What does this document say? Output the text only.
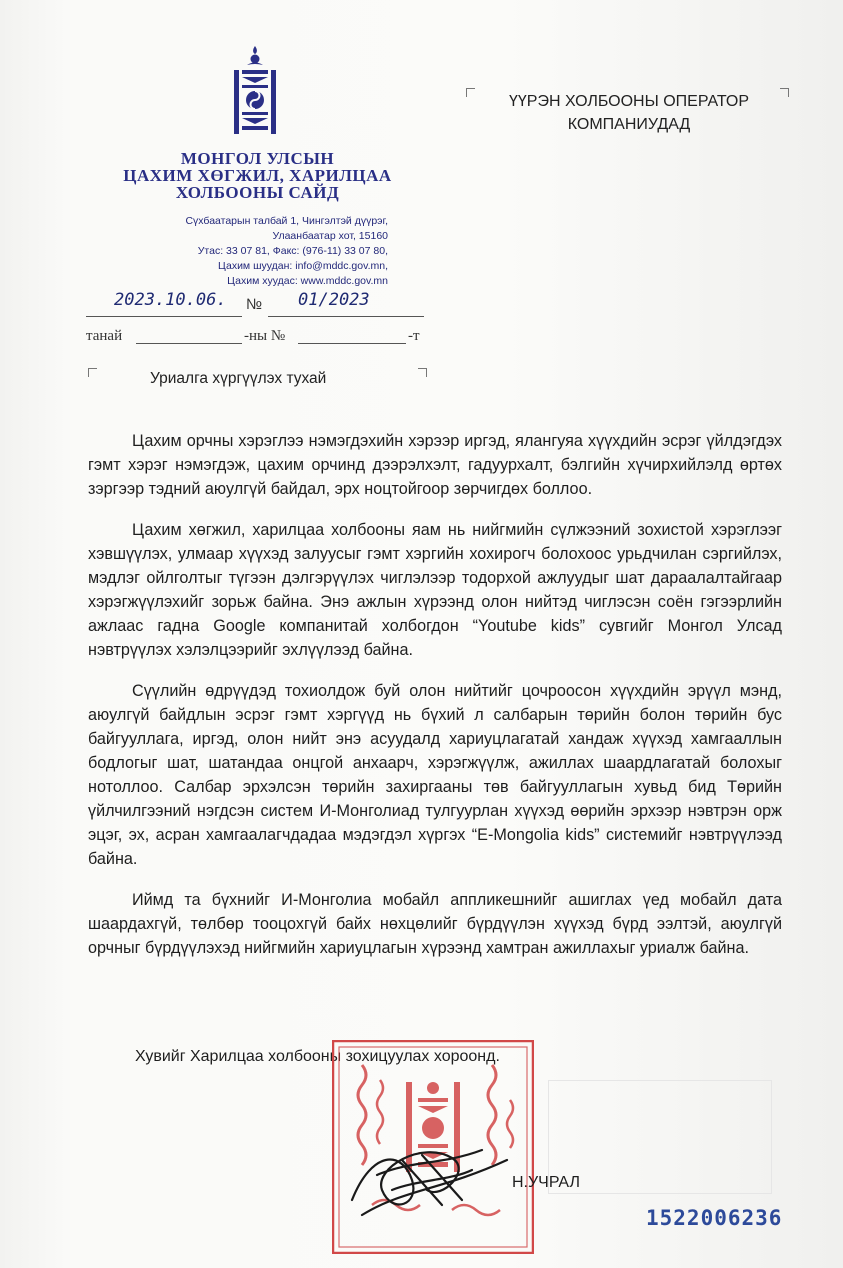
МОНГОЛ УЛСЫН
ЦАХИМ ХӨГЖИЛ, ХАРИЛЦАА
ХОЛБООНЫ САЙД
Сүхбаатарын талбай 1, Чингэлтэй дүүрэг,
Улаанбаатар хот, 15160
Утас: 33 07 81, Факс: (976-11) 33 07 80,
Цахим шуудан: info@mddc.gov.mn,
Цахим хуудас: www.mddc.gov.mn
2023.10.06. № 01/2023
танай	-ны №	-т
ҮҮРЭН ХОЛБООНЫ ОПЕРАТОР
КОМПАНИУДАД
Уриалга хүргүүлэх тухай

Цахим орчны хэрэглээ нэмэгдэхийн хэрээр иргэд, ялангуяа хүүхдийн эсрэг үйлдэгдэх гэмт хэрэг нэмэгдэж, цахим орчинд дээрэлхэлт, гадуурхалт, бэлгийн хүчирхийлэлд өртөх зэргээр тэдний аюулгүй байдал, эрх ноцтойгоор зөрчигдөх боллоо.

Цахим хөгжил, харилцаа холбооны яам нь нийгмийн сүлжээний зохистой хэрэглээг хэвшүүлэх, улмаар хүүхэд залуусыг гэмт хэргийн хохирогч болохоос урьдчилан сэргийлэх, мэдлэг ойлголтыг түгээн дэлгэрүүлэх чиглэлээр тодорхой ажлуудыг шат дараалалтайгаар хэрэгжүүлэхийг зорьж байна. Энэ ажлын хүрээнд олон нийтэд чиглэсэн соён гэгээрлийн ажлаас гадна Google компанитай холбогдон “Youtube kids” сувгийг Монгол Улсад нэвтрүүлэх хэлэлцээрийг эхлүүлээд байна.

Сүүлийн өдрүүдэд тохиолдож буй олон нийтийг цочроосон хүүхдийн эрүүл мэнд, аюулгүй байдлын эсрэг гэмт хэргүүд нь бүхий л салбарын төрийн болон төрийн бус байгууллага, иргэд, олон нийт энэ асуудалд хариуцлагатай хандаж хүүхэд хамгааллын бодлогыг шат, шатандаа онцгой анхаарч, хэрэгжүүлж, ажиллах шаардлагатай болохыг нотоллоо. Салбар эрхэлсэн төрийн захиргааны төв байгууллагын хувьд бид Төрийн үйлчилгээний нэгдсэн систем И-Монголиад тулгуурлан хүүхэд өөрийн эрхээр нэвтрэн орж эцэг, эх, асран хамгаалагчдадаа мэдэгдэл хүргэх “E-Mongolia kids” системийг нэвтрүүлээд байна.

Иймд та бүхнийг И-Монголиа мобайл аппликешнийг ашиглах үед мобайл дата шаардахгүй, төлбөр тооцохгүй байх нөхцөлийг бүрдүүлэн хүүхэд бүрд ээлтэй, аюулгүй орчныг бүрдүүлэхэд нийгмийн хариуцлагын хүрээнд хамтран ажиллахыг уриалж байна.

Хувийг Харилцаа холбооны зохицуулах хороонд.
Н.УЧРАЛ
1522006236
